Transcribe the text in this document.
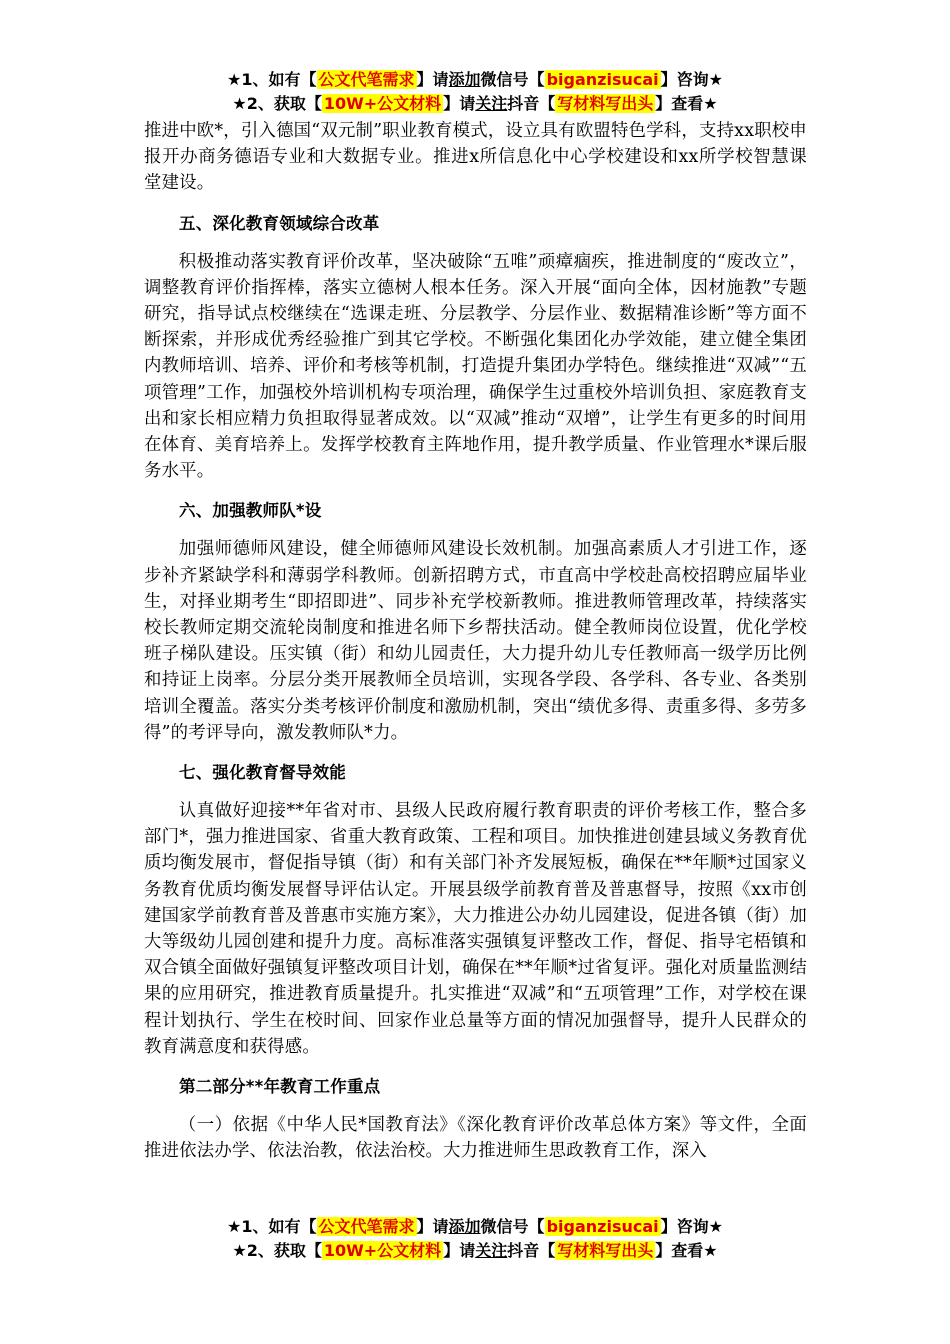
★1、如有【 公文代笔需求 】请添加微信号【 biganzisucai 】咨询★
★2、获取【 10W+公文材料 】请关注抖音【 写材料写出头 】查看★

推进中欧*，引入德国“双元制”职业教育模式，设立具有欧盟特色学科，支持xx职校申报开办商务德语专业和大数据专业。推进x所信息化中心学校建设和xx所学校智慧课堂建设。

五、深化教育领域综合改革

积极推动落实教育评价改革，坚决破除“五唯”顽瘴痼疾，推进制度的“废改立”，调整教育评价指挥棒，落实立德树人根本任务。深入开展“面向全体，因材施教”专题研究，指导试点校继续在“选课走班、分层教学、分层作业、数据精准诊断”等方面不断探索，并形成优秀经验推广到其它学校。不断强化集团化办学效能，建立健全集团内教师培训、培养、评价和考核等机制，打造提升集团办学特色。继续推进“双减”“五项管理”工作，加强校外培训机构专项治理，确保学生过重校外培训负担、家庭教育支出和家长相应精力负担取得显著成效。以“双减”推动“双增”，让学生有更多的时间用在体育、美育培养上。发挥学校教育主阵地作用，提升教学质量、作业管理水*课后服务水平。

六、加强教师队*设

加强师德师风建设，健全师德师风建设长效机制。加强高素质人才引进工作，逐步补齐紧缺学科和薄弱学科教师。创新招聘方式，市直高中学校赴高校招聘应届毕业生，对择业期考生“即招即进”、同步补充学校新教师。推进教师管理改革，持续落实校长教师定期交流轮岗制度和推进名师下乡帮扶活动。健全教师岗位设置，优化学校班子梯队建设。压实镇（街）和幼儿园责任，大力提升幼儿专任教师高一级学历比例和持证上岗率。分层分类开展教师全员培训，实现各学段、各学科、各专业、各类别培训全覆盖。落实分类考核评价制度和激励机制，突出“绩优多得、责重多得、多劳多得”的考评导向，激发教师队*力。

七、强化教育督导效能

认真做好迎接**年省对市、县级人民政府履行教育职责的评价考核工作，整合多部门*，强力推进国家、省重大教育政策、工程和项目。加快推进创建县域义务教育优质均衡发展市，督促指导镇（街）和有关部门补齐发展短板，确保在**年顺*过国家义务教育优质均衡发展督导评估认定。开展县级学前教育普及普惠督导，按照《xx市创建国家学前教育普及普惠市实施方案》，大力推进公办幼儿园建设，促进各镇（街）加大等级幼儿园创建和提升力度。高标准落实强镇复评整改工作，督促、指导宅梧镇和双合镇全面做好强镇复评整改项目计划，确保在**年顺*过省复评。强化对质量监测结果的应用研究，推进教育质量提升。扎实推进“双减”和“五项管理”工作，对学校在课程计划执行、学生在校时间、回家作业总量等方面的情况加强督导，提升人民群众的教育满意度和获得感。

第二部分**年教育工作重点

（一）依据《中华人民*国教育法》《深化教育评价改革总体方案》等文件，全面推进依法办学、依法治教，依法治校。大力推进师生思政教育工作，深入

★1、如有【 公文代笔需求 】请添加微信号【 biganzisucai 】咨询★
★2、获取【 10W+公文材料 】请关注抖音【 写材料写出头 】查看★
